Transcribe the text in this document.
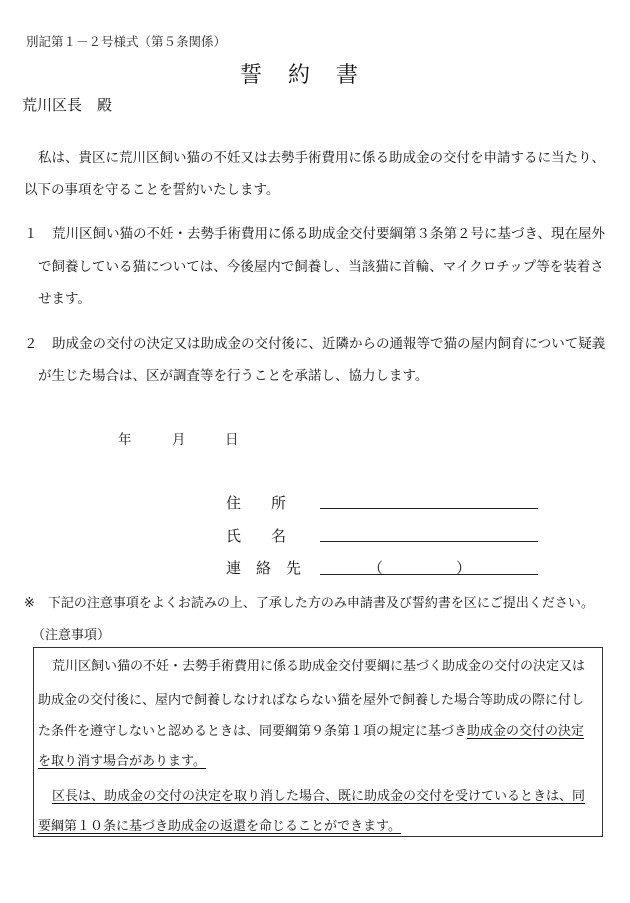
別記第１－２号様式（第５条関係）
誓　約　書
荒川区長　殿
私は、貴区に荒川区飼い猫の不妊又は去勢手術費用に係る助成金の交付を申請するに当たり、
以下の事項を守ることを誓約いたします。
１ 荒川区飼い猫の不妊・去勢手術費用に係る助成金交付要綱第３条第２号に基づき、現在屋外
で飼養している猫については、今後屋内で飼養し、当該猫に首輪、マイクロチップ等を装着さ
せます。
２ 助成金の交付の決定又は助成金の交付後に、近隣からの通報等で猫の屋内飼育について疑義
が生じた場合は、区が調査等を行うことを承諾し、協力します。
年	月	日
住　　所
氏　　名
連　絡　先	（	）
※　下記の注意事項をよくお読みの上、了承した方のみ申請書及び誓約書を区にご提出ください。
（注意事項）
荒川区飼い猫の不妊・去勢手術費用に係る助成金交付要綱に基づく助成金の交付の決定又は
助成金の交付後に、屋内で飼養しなければならない猫を屋外で飼養した場合等助成の際に付し
た条件を遵守しないと認めるときは、同要綱第９条第１項の規定に基づき助成金の交付の決定
を取り消す場合があります。
区長は、助成金の交付の決定を取り消した場合、既に助成金の交付を受けているときは、同
要綱第１０条に基づき助成金の返還を命じることができます。
